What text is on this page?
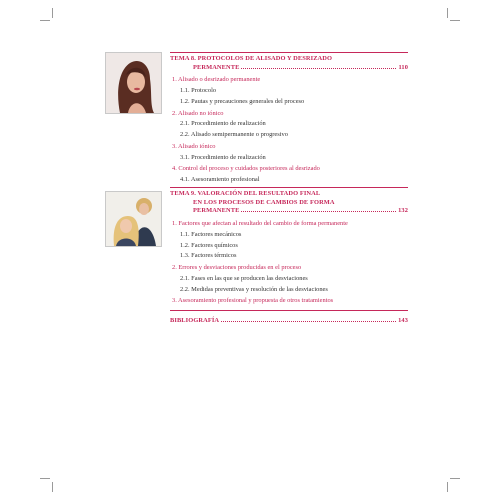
TEMA 8. PROTOCOLOS DE ALISADO Y DESRIZADO
PERMANENTE	110
1. Alisado o desrizado permanente
1.1. Protocolo
1.2. Pautas y precauciones generales del proceso
2. Alisado no iónico
2.1. Procedimiento de realización
2.2. Alisado semipermanente o progresivo
3. Alisado iónico
3.1. Procedimiento de realización
4. Control del proceso y cuidados posteriores al desrizado
4.1. Asesoramiento profesional
TEMA 9. VALORACIÓN DEL RESULTADO FINAL
EN LOS PROCESOS DE CAMBIOS DE FORMA
PERMANENTE	132
1. Factores que afectan al resultado del cambio de forma permanente
1.1. Factores mecánicos
1.2. Factores químicos
1.3. Factores térmicos
2. Errores y desviaciones producidas en el proceso
2.1. Fases en las que se producen las desviaciones
2.2. Medidas preventivas y resolución de las desviaciones
3. Asesoramiento profesional y propuesta de otros tratamientos
BIBLIOGRAFÍA	143
